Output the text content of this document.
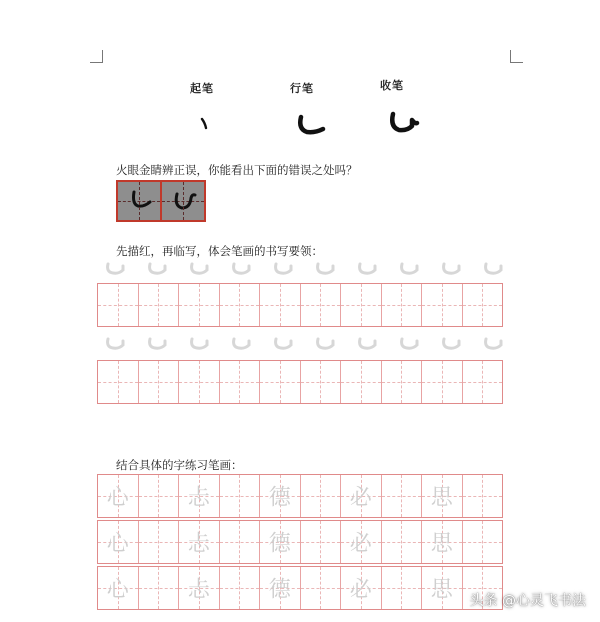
起笔	行笔	收笔
火眼金睛辨正误，你能看出下面的错误之处吗？
先描红，再临写，体会笔画的书写要领：
结合具体的字练习笔画：
心	忐	德	必	思
心	忐	德	必	思
心	忐	德	必	思	头条 @心灵飞书法
